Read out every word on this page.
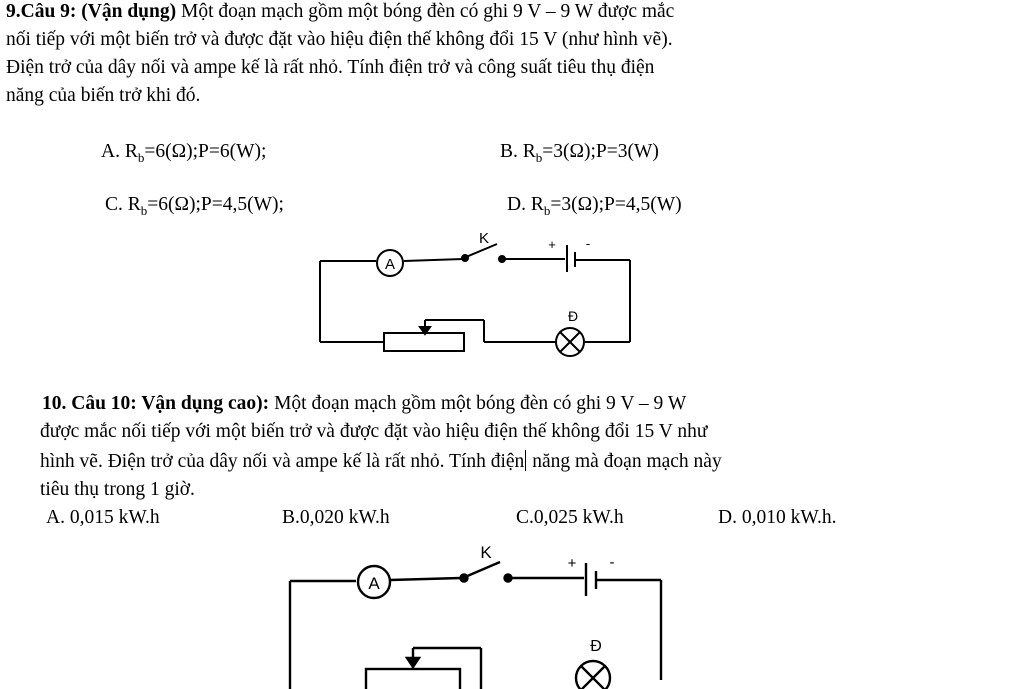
9.Câu 9: (Vận dụng) Một đoạn mạch gồm một bóng đèn có ghi 9 V – 9 W được mắc
nối tiếp với một biến trở và được đặt vào hiệu điện thế không đổi 15 V (như hình vẽ).
Điện trở của dây nối và ampe kế là rất nhỏ. Tính điện trở và công suất tiêu thụ điện
năng của biến trở khi đó.
A. $R_b=6(\Omega);P=6(W)$;	B. $R_b=3(\Omega);P=3(W)$
C. $R_b=6(\Omega);P=4,5(W)$;	D. $R_b=3(\Omega);P=4,5(W)$
10. Câu 10: Vận dụng cao): Một đoạn mạch gồm một bóng đèn có ghi 9 V – 9 W
được mắc nối tiếp với một biến trở và được đặt vào hiệu điện thế không đổi 15 V như
hình vẽ. Điện trở của dây nối và ampe kế là rất nhỏ. Tính điện năng mà đoạn mạch này
tiêu thụ trong 1 giờ.
A. 0,015 kW.h	B.0,020 kW.h	C.0,025 kW.h	D. 0,010 kW.h.
A
K	+ -
Đ
A
K
+ -
Đ
